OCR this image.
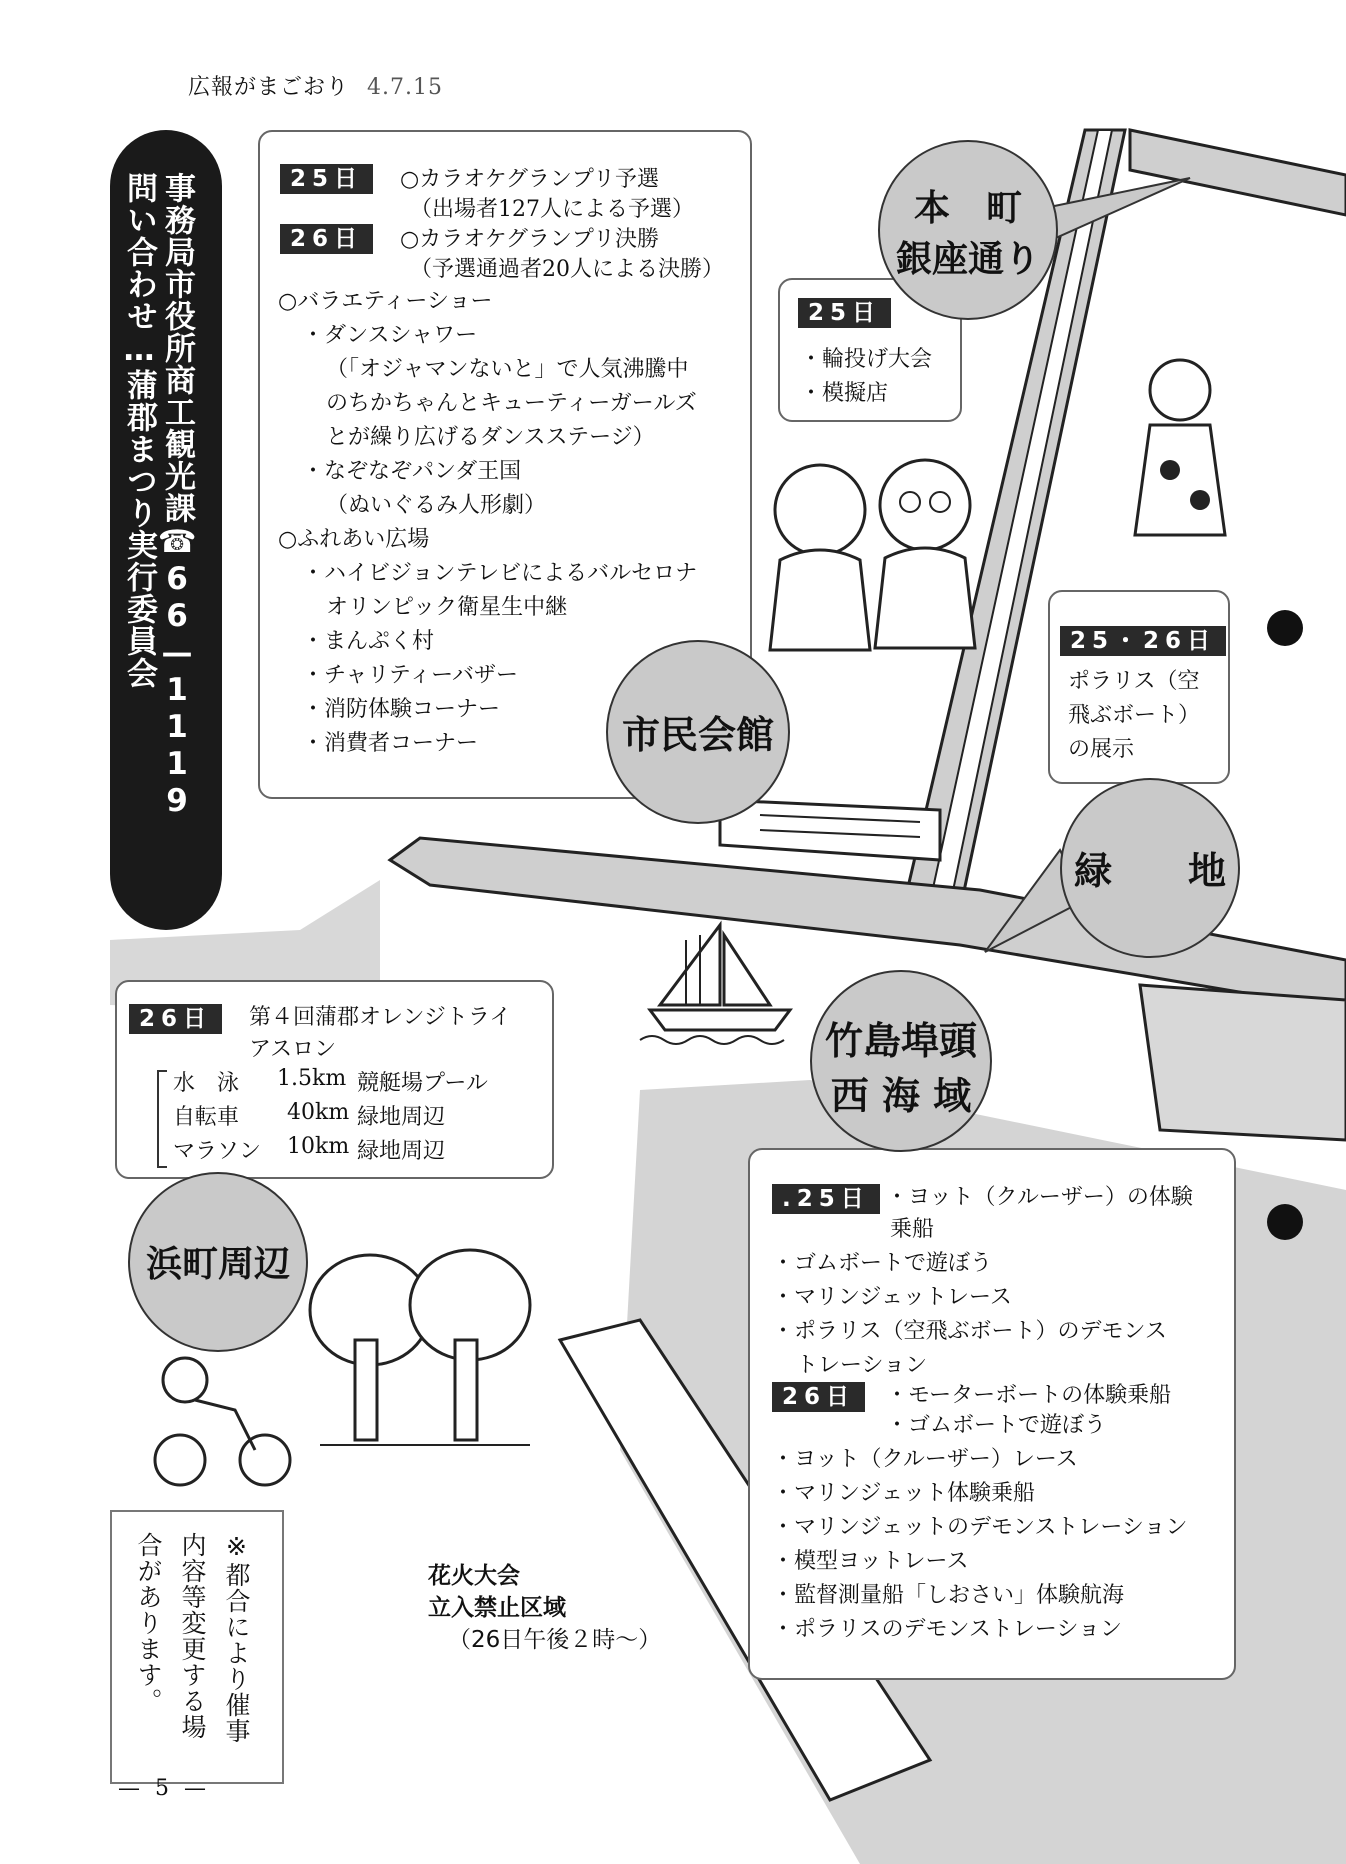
広報がまごおり 4.7.15
問い合わせ…蒲郡まつり実行委員会 事務局市役所商工観光課☎66—1119	25日	○カラオケグランプリ予選
（出場者127人による予選）
26日	○カラオケグランプリ決勝
（予選通過者20人による決勝）
○バラエティーショー
・ダンスシャワー
（「オジャマンないと」で人気沸騰中
のちかちゃんとキューティーガールズ
とが繰り広げるダンスステージ）
・なぞなぞパンダ王国
（ぬいぐるみ人形劇）
○ふれあい広場
・ハイビジョンテレビによるバルセロナ
オリンピック衛星生中継
・まんぷく村
・チャリティーバザー
・消防体験コーナー
・消費者コーナー
25日
・輪投げ大会
・模擬店
25・26日
ポラリス（空
飛ぶボート）
の展示
26日	第４回蒲郡オレンジトライ
アスロン
水　泳 1.5km 競艇場プール
自転車 40km 緑地周辺
マラソン 10km 緑地周辺
.25日 ・ヨット（クルーザー）の体験
乗船
・ゴムボートで遊ぼう
・マリンジェットレース
・ポラリス（空飛ぶボート）のデモンス
トレーション
26日	・モーターボートの体験乗船
・ゴムボートで遊ぼう
・ヨット（クルーザー）レース
・マリンジェット体験乗船
・マリンジェットのデモンストレーション
・模型ヨットレース
・監督測量船「しおさい」体験航海
・ポラリスのデモンストレーション
本　町
銀座通り
市民会館
緑　　地
竹島埠頭
西 海 域
浜町周辺
花火大会
立入禁止区域
（26日午後２時～）
※都合により催事
内容等変更する場
合があります。
— 5 —
